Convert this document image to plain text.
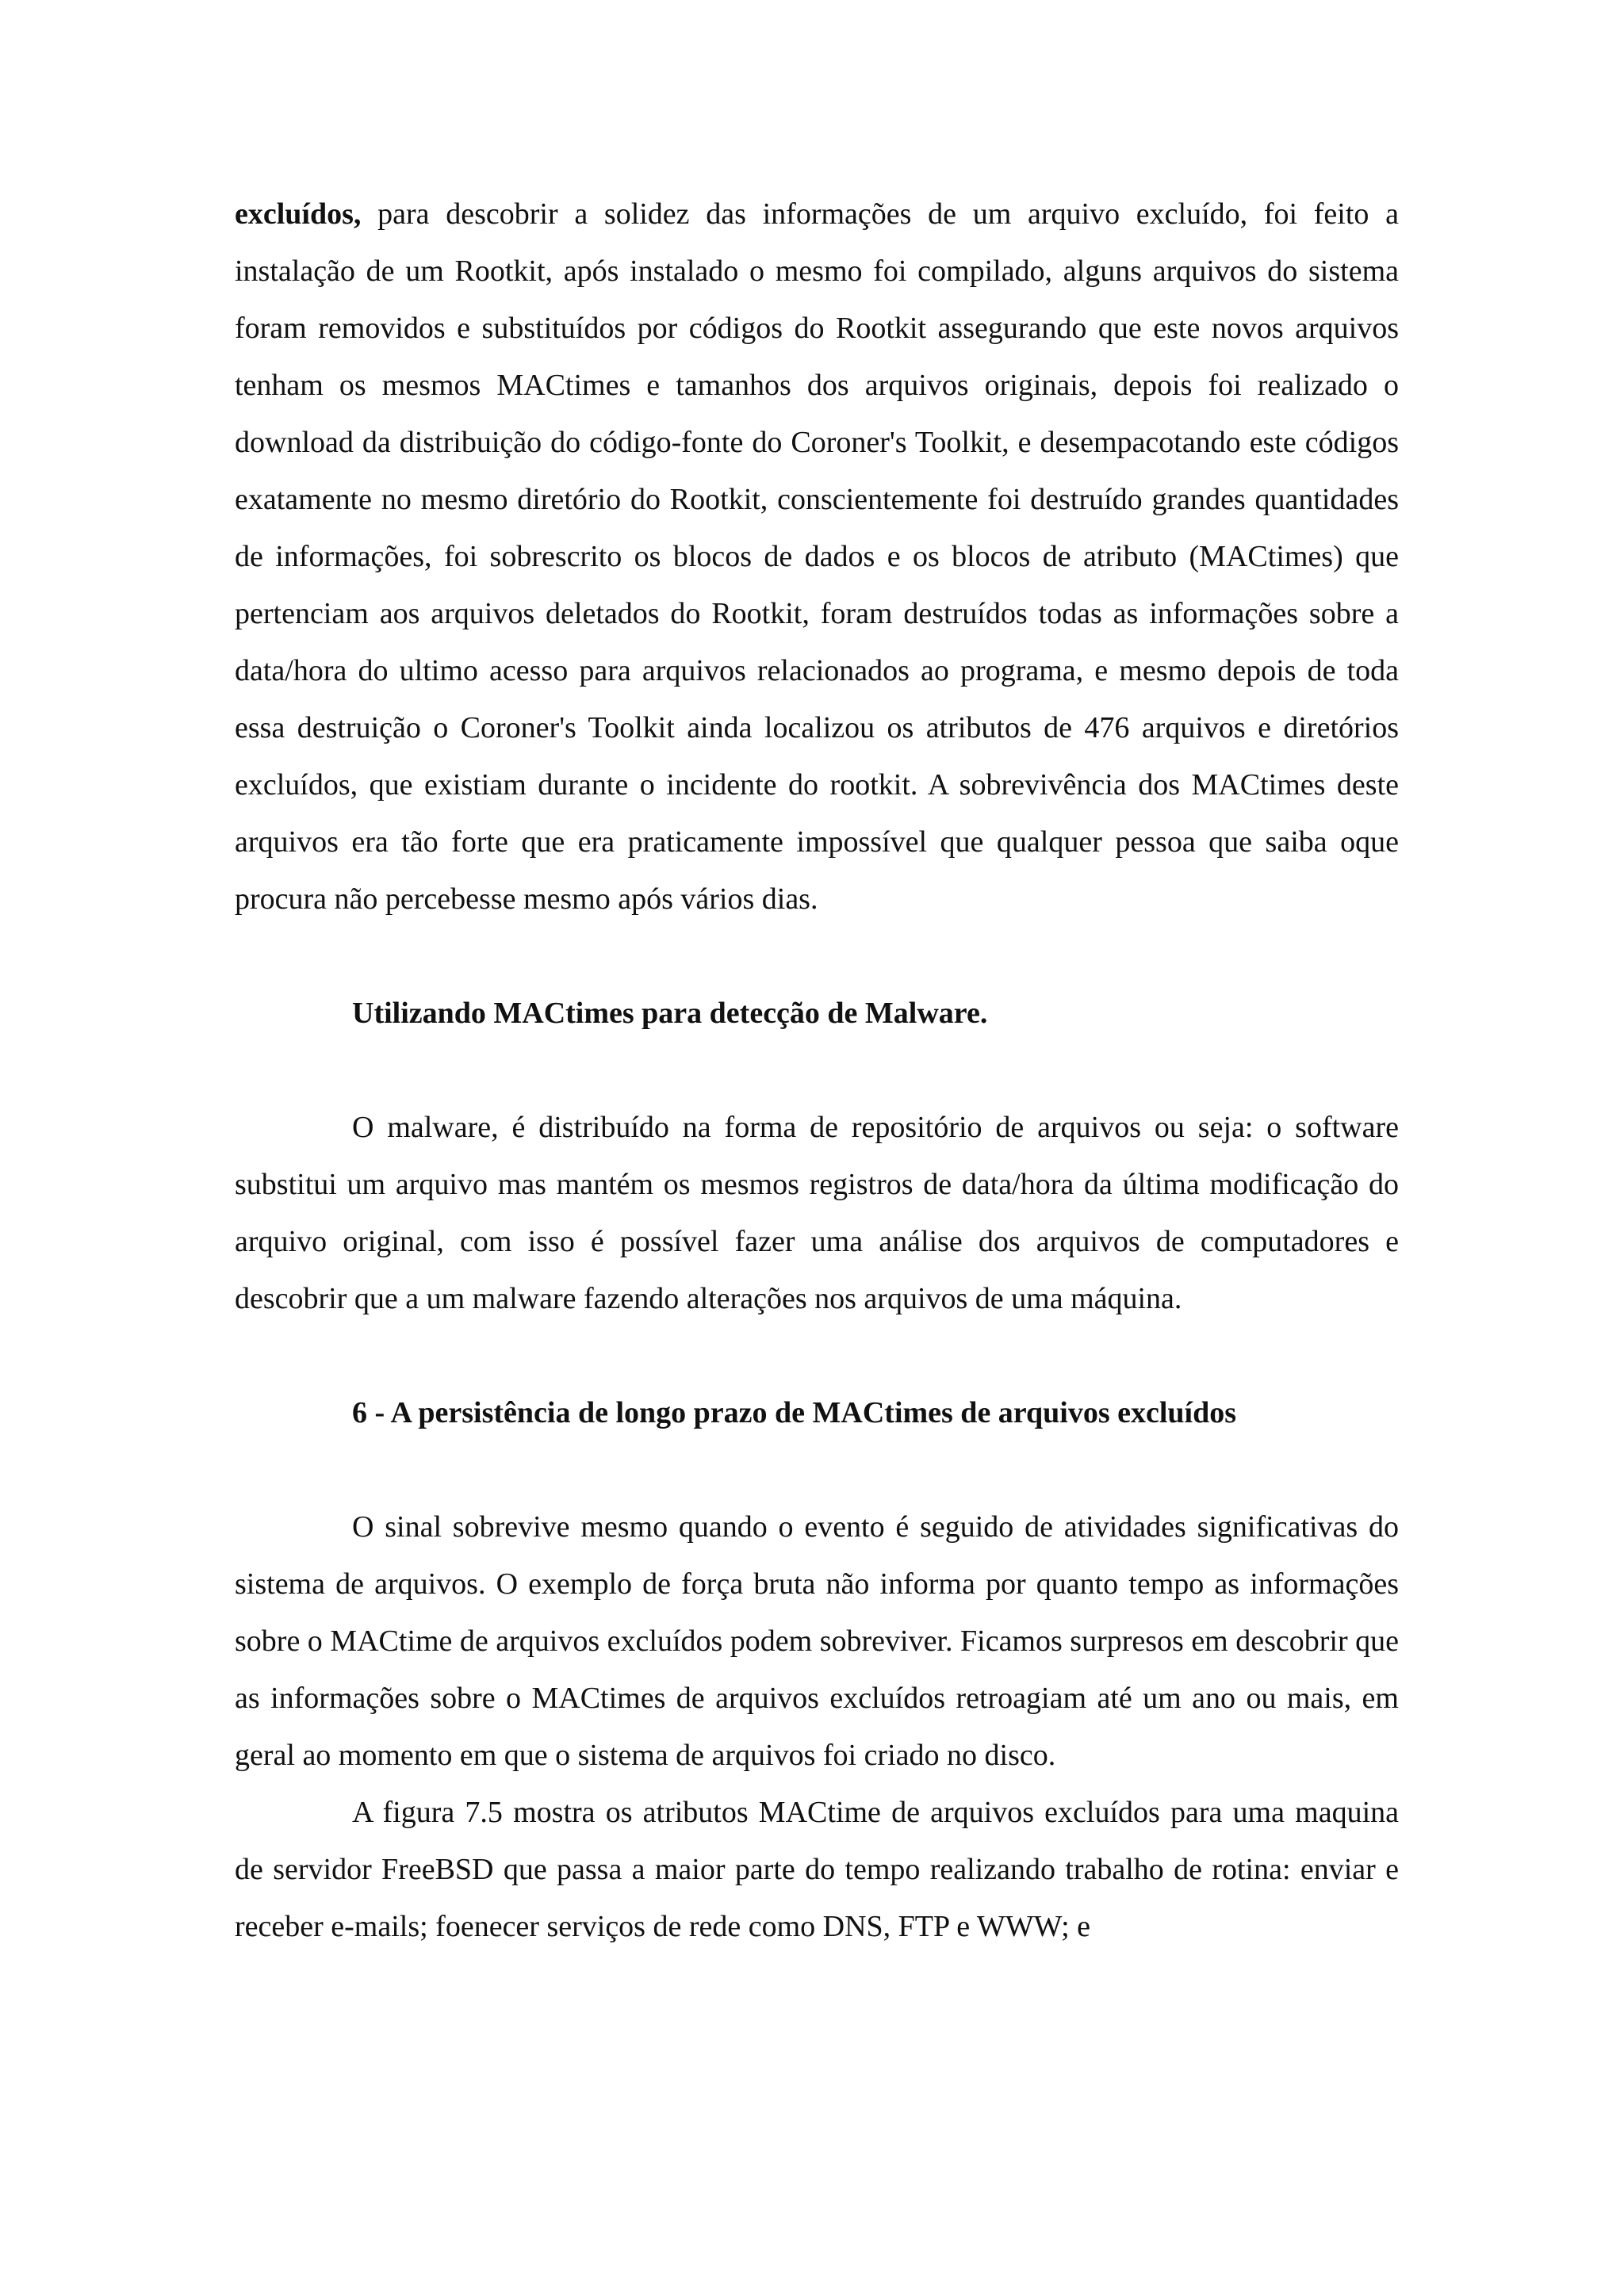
excluídos, para descobrir a solidez das informações de um arquivo excluído, foi feito a instalação de um Rootkit, após instalado o mesmo foi compilado, alguns arquivos do sistema foram removidos e substituídos por códigos do Rootkit assegurando que este novos arquivos tenham os mesmos MACtimes e tamanhos dos arquivos originais, depois foi realizado o download da distribuição do código-fonte do Coroner's Toolkit, e desempacotando este códigos exatamente no mesmo diretório do Rootkit, conscientemente foi destruído grandes quantidades de informações, foi sobrescrito os blocos de dados e os blocos de atributo (MACtimes) que pertenciam aos arquivos deletados do Rootkit, foram destruídos todas as informações sobre a data/hora do ultimo acesso para arquivos relacionados ao programa, e mesmo depois de toda essa destruição o Coroner's Toolkit ainda localizou os atributos de 476 arquivos e diretórios excluídos, que existiam durante o incidente do rootkit. A sobrevivência dos MACtimes deste arquivos era tão forte que era praticamente impossível que qualquer pessoa que saiba oque procura não percebesse mesmo após vários dias.

Utilizando MACtimes para detecção de Malware.

O malware, é distribuído na forma de repositório de arquivos ou seja: o software substitui um arquivo mas mantém os mesmos registros de data/hora da última modificação do arquivo original, com isso é possível fazer uma análise dos arquivos de computadores e descobrir que a um malware fazendo alterações nos arquivos de uma máquina.

6 - A persistência de longo prazo de MACtimes de arquivos excluídos

O sinal sobrevive mesmo quando o evento é seguido de atividades significativas do sistema de arquivos. O exemplo de força bruta não informa por quanto tempo as informações sobre o MACtime de arquivos excluídos podem sobreviver. Ficamos surpresos em descobrir que as informações sobre o MACtimes de arquivos excluídos retroagiam até um ano ou mais, em geral ao momento em que o sistema de arquivos foi criado no disco.

A figura 7.5 mostra os atributos MACtime de arquivos excluídos para uma maquina de servidor FreeBSD que passa a maior parte do tempo realizando trabalho de rotina: enviar e receber e-mails; foenecer serviços de rede como DNS, FTP e WWW; e
